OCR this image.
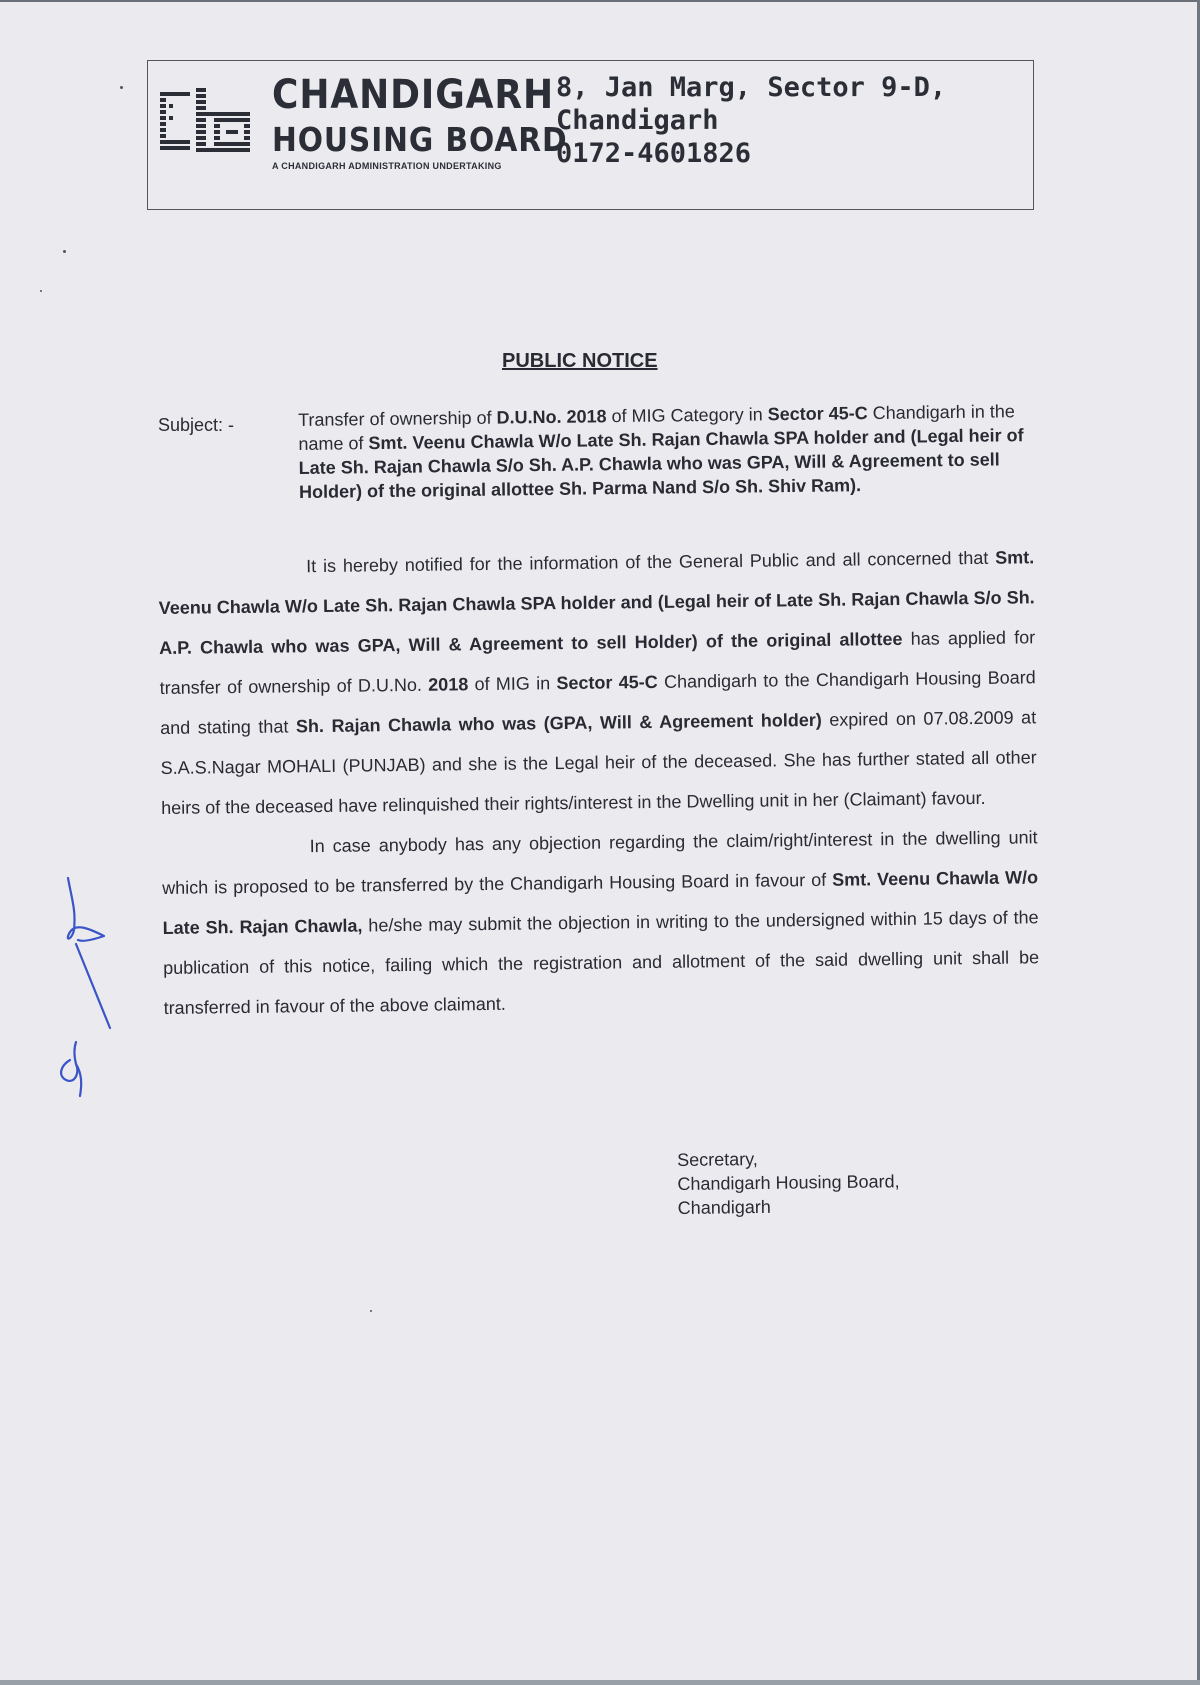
CHANDIGARH
HOUSING BOARD
A CHANDIGARH ADMINISTRATION UNDERTAKING
8, Jan Marg, Sector 9-D,
Chandigarh
0172-4601826
PUBLIC NOTICE
Subject: -	Transfer of ownership of D.U.No. 2018 of MIG Category in Sector 45-C Chandigarh in the name of Smt. Veenu Chawla W/o Late Sh. Rajan Chawla SPA holder and (Legal heir of Late Sh. Rajan Chawla S/o Sh. A.P. Chawla who was GPA, Will & Agreement to sell Holder) of the original allottee Sh. Parma Nand S/o Sh. Shiv Ram).

It is hereby notified for the information of the General Public and all concerned that Smt. Veenu Chawla W/o Late Sh. Rajan Chawla SPA holder and (Legal heir of Late Sh. Rajan Chawla S/o Sh. A.P. Chawla who was GPA, Will & Agreement to sell Holder) of the original allottee has applied for transfer of ownership of D.U.No. 2018 of MIG in Sector 45-C Chandigarh to the Chandigarh Housing Board and stating that Sh. Rajan Chawla who was (GPA, Will & Agreement holder) expired on 07.08.2009 at S.A.S.Nagar MOHALI (PUNJAB) and she is the Legal heir of the deceased. She has further stated all other heirs of the deceased have relinquished their rights/interest in the Dwelling unit in her (Claimant) favour.

In case anybody has any objection regarding the claim/right/interest in the dwelling unit which is proposed to be transferred by the Chandigarh Housing Board in favour of Smt. Veenu Chawla W/o Late Sh. Rajan Chawla, he/she may submit the objection in writing to the undersigned within 15 days of the publication of this notice, failing which the registration and allotment of the said dwelling unit shall be transferred in favour of the above claimant.

Secretary,
Chandigarh Housing Board,
Chandigarh
